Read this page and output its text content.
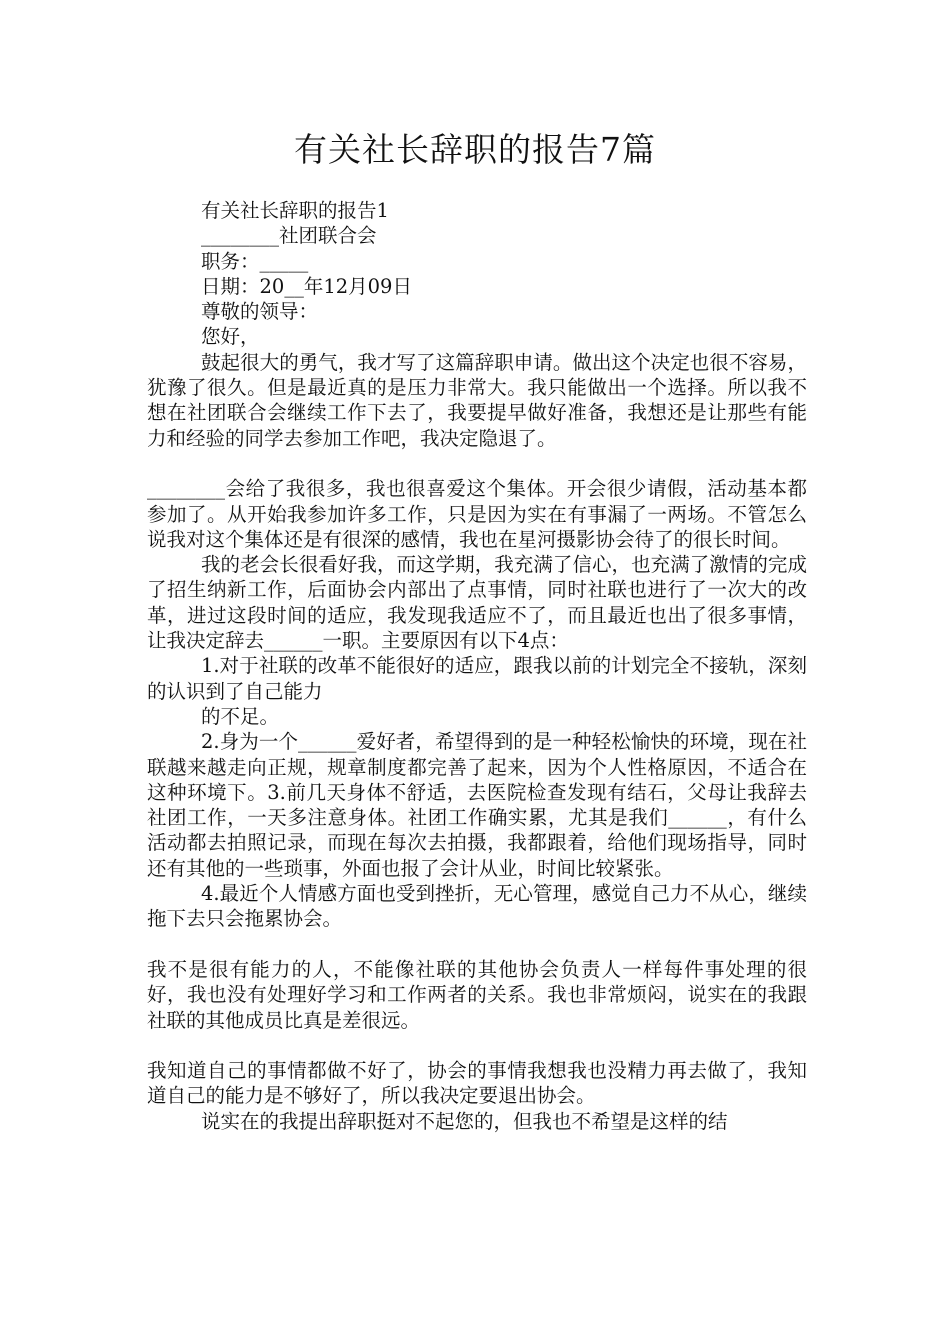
有关社长辞职的报告7篇

有关社长辞职的报告1

________社团联合会

职务：_____

日期：20__年12月09日

尊敬的领导：

您好，

鼓起很大的勇气，我才写了这篇辞职申请。做出这个决定也很不容易，犹豫了很久。但是最近真的是压力非常大。我只能做出一个选择。所以我不想在社团联合会继续工作下去了，我要提早做好准备，我想还是让那些有能力和经验的同学去参加工作吧，我决定隐退了。

________会给了我很多，我也很喜爱这个集体。开会很少请假，活动基本都参加了。从开始我参加许多工作，只是因为实在有事漏了一两场。不管怎么说我对这个集体还是有很深的感情，我也在星河摄影协会待了的很长时间。

我的老会长很看好我，而这学期，我充满了信心，也充满了激情的完成了招生纳新工作，后面协会内部出了点事情，同时社联也进行了一次大的改革，进过这段时间的适应，我发现我适应不了，而且最近也出了很多事情，让我决定辞去______一职。主要原因有以下4点：

1.对于社联的改革不能很好的适应，跟我以前的计划完全不接轨，深刻的认识到了自己能力

的不足。

2.身为一个______爱好者，希望得到的是一种轻松愉快的环境，现在社联越来越走向正规，规章制度都完善了起来，因为个人性格原因，不适合在这种环境下。3.前几天身体不舒适，去医院检查发现有结石，父母让我辞去社团工作，一天多注意身体。社团工作确实累，尤其是我们______，有什么活动都去拍照记录，而现在每次去拍摄，我都跟着，给他们现场指导，同时还有其他的一些琐事，外面也报了会计从业，时间比较紧张。

4.最近个人情感方面也受到挫折，无心管理，感觉自己力不从心，继续拖下去只会拖累协会。

我不是很有能力的人，不能像社联的其他协会负责人一样每件事处理的很好，我也没有处理好学习和工作两者的关系。我也非常烦闷，说实在的我跟社联的其他成员比真是差很远。

我知道自己的事情都做不好了，协会的事情我想我也没精力再去做了，我知道自己的能力是不够好了，所以我决定要退出协会。

说实在的我提出辞职挺对不起您的，但我也不希望是这样的结
